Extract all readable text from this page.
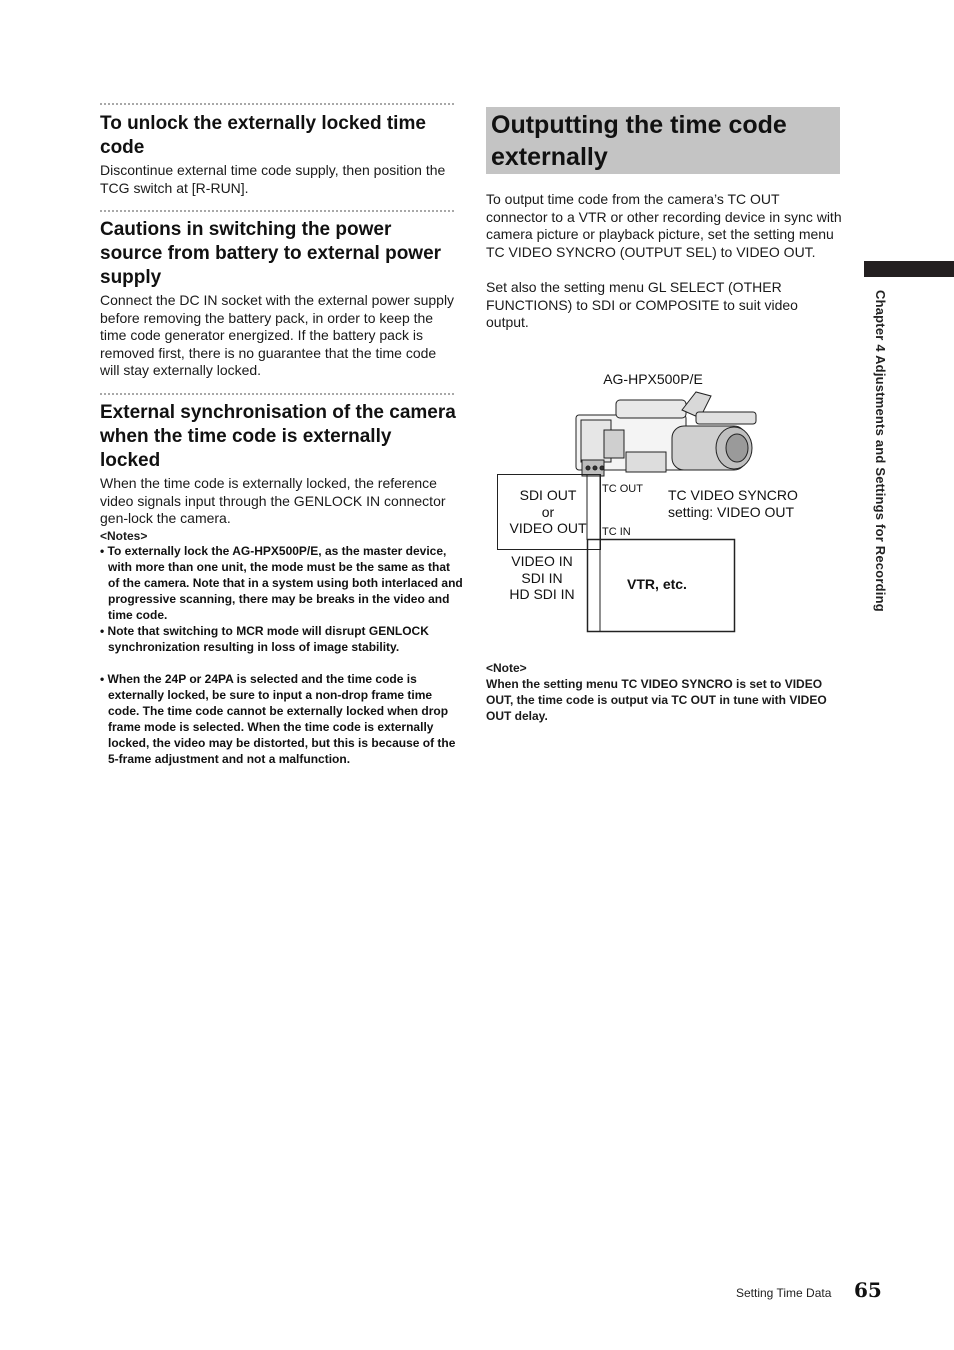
To unlock the externally locked time code

Discontinue external time code supply, then position the TCG switch at [R-RUN].

Cautions in switching the power source from battery to external power supply

Connect the DC IN socket with the external power supply before removing the battery pack, in order to keep the time code generator energized. If the battery pack is removed first, there is no guarantee that the time code will stay externally locked.

External synchronisation of the camera when the time code is externally locked

When the time code is externally locked, the reference video signals input through the GENLOCK IN connector gen-lock the camera.

<Notes>

• To externally lock the AG-HPX500P/E, as the master device, with more than one unit, the mode must be the same as that of the camera. Note that in a system using both interlaced and progressive scanning, there may be breaks in the video and time code.

• Note that switching to MCR mode will disrupt GENLOCK synchronization resulting in loss of image stability.

• When the 24P or 24PA is selected and the time code is externally locked, be sure to input a non-drop frame time code. The time code cannot be externally locked when drop frame mode is selected. When the time code is externally locked, the video may be distorted, but this is because of the 5-frame adjustment and not a malfunction.

Outputting the time code externally

To output time code from the camera’s TC OUT connector to a VTR or other recording device in sync with camera picture or playback picture, set the setting menu TC VIDEO SYNCRO (OUTPUT SEL) to VIDEO OUT.

Set also the setting menu GL SELECT (OTHER FUNCTIONS) to SDI or COMPOSITE to suit video output.

AG-HPX500P/E
SDI OUT
or
VIDEO OUT
TC OUT
TC IN
TC VIDEO SYNCRO
setting: VIDEO OUT
VIDEO IN
SDI IN
HD SDI IN
VTR, etc.

<Note>

When the setting menu TC VIDEO SYNCRO is set to VIDEO OUT, the time code is output via TC OUT in tune with VIDEO OUT delay.

Chapter 4 Adjustments and Settings for Recording
Setting Time Data 65
